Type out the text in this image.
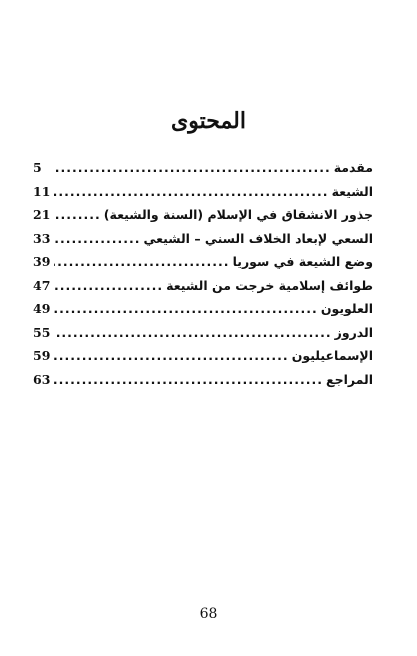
المحتوى
مقدمة
.....
5
الشيعة
.....
11
جذور الانشقاق في الإسلام (السنة والشيعة)
.....
21
السعي لإبعاد الخلاف السني – الشيعي
.....
33
وضع الشيعة في سوريا
.....
39
طوائف إسلامية خرجت من الشيعة
.....
47
العلويون
.....
49
الدروز
.....
55
الإسماعيليون
.....
59
المراجع
.....
63
68
